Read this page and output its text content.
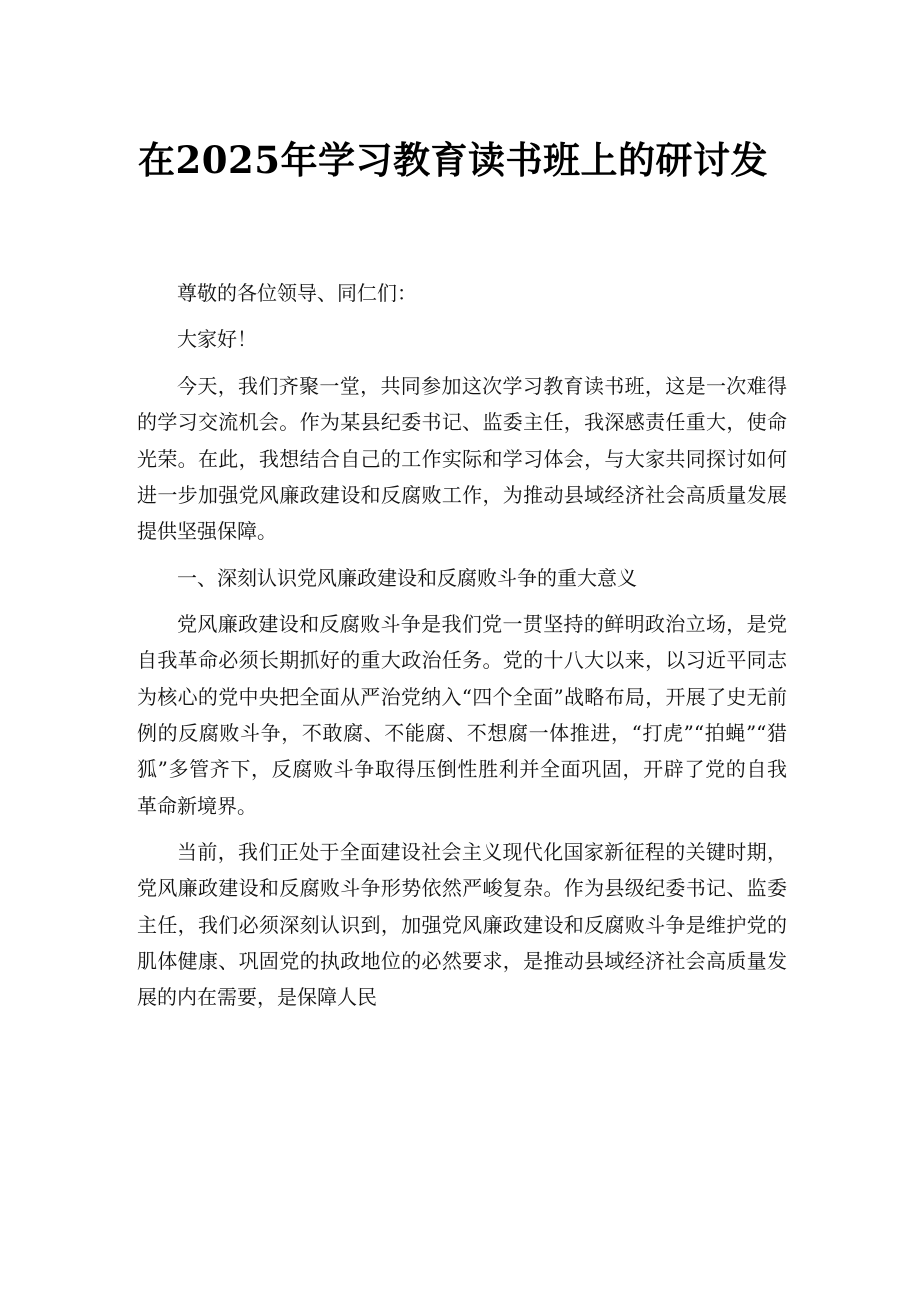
在2025年学习教育读书班上的研讨发

尊敬的各位领导、同仁们：

大家好！

今天，我们齐聚一堂，共同参加这次学习教育读书班，这是一次难得的学习交流机会。作为某县纪委书记、监委主任，我深感责任重大，使命光荣。在此，我想结合自己的工作实际和学习体会，与大家共同探讨如何进一步加强党风廉政建设和反腐败工作，为推动县域经济社会高质量发展提供坚强保障。

一、深刻认识党风廉政建设和反腐败斗争的重大意义

党风廉政建设和反腐败斗争是我们党一贯坚持的鲜明政治立场，是党自我革命必须长期抓好的重大政治任务。党的十八大以来，以习近平同志为核心的党中央把全面从严治党纳入“四个全面”战略布局，开展了史无前例的反腐败斗争，不敢腐、不能腐、不想腐一体推进，“打虎”“拍蝇”“猎狐”多管齐下，反腐败斗争取得压倒性胜利并全面巩固，开辟了党的自我革命新境界。

当前，我们正处于全面建设社会主义现代化国家新征程的关键时期，党风廉政建设和反腐败斗争形势依然严峻复杂。作为县级纪委书记、监委主任，我们必须深刻认识到，加强党风廉政建设和反腐败斗争是维护党的肌体健康、巩固党的执政地位的必然要求，是推动县域经济社会高质量发展的内在需要，是保障人民
